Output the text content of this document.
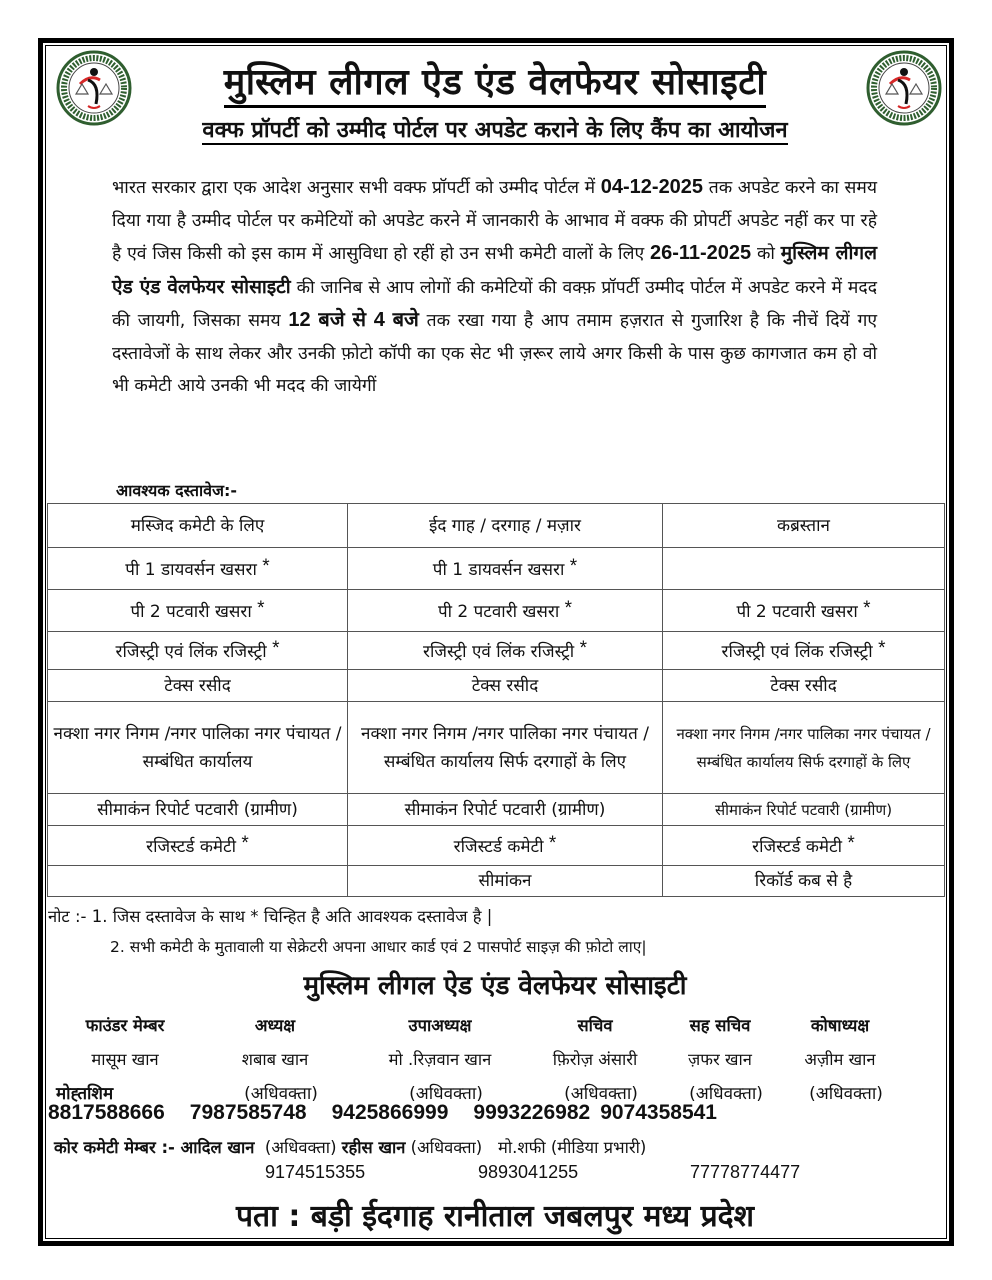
मुस्लिम लीगल ऐड एंड वेलफेयर सोसाइटी
वक्फ प्रॉपर्टी को उम्मीद पोर्टल पर अपडेट कराने के लिए कैंप का आयोजन
भारत सरकार द्वारा एक आदेश अनुसार सभी वक्फ प्रॉपर्टी को उम्मीद पोर्टल में 04-12-2025 तक अपडेट करने का समय दिया गया है उम्मीद पोर्टल पर कमेटियों को अपडेट करने में जानकारी के आभाव में वक्फ की प्रोपर्टी अपडेट नहीं कर पा रहे है एवं जिस किसी को इस काम में आसुविधा हो रहीं हो उन सभी कमेटी वालों के लिए 26-11-2025 को मुस्लिम लीगल ऐड एंड वेलफेयर सोसाइटी की जानिब से आप लोगों की कमेटियों की वक्फ़ प्रॉपर्टी उम्मीद पोर्टल में अपडेट करने में मदद की जायगी, जिसका समय 12 बजे से 4 बजे तक रखा गया है आप तमाम हज़रात से गुजारिश है कि नीचें दियें गए दस्तावेजों के साथ लेकर और उनकी फ़ोटो कॉपी का एक सेट भी ज़रूर लाये अगर किसी के पास कुछ कागजात कम हो वो भी कमेटी आये उनकी भी मदद की जायेगीं
आवश्यक दस्तावेज:-
मस्जिद कमेटी के लिए	ईद गाह / दरगाह / मज़ार	कब्रस्तान
पी 1 डायवर्सन खसरा *	पी 1 डायवर्सन खसरा *	
पी 2 पटवारी खसरा *	पी 2 पटवारी खसरा *	पी 2 पटवारी खसरा *
रजिस्ट्री एवं लिंक रजिस्ट्री *	रजिस्ट्री एवं लिंक रजिस्ट्री *	रजिस्ट्री एवं लिंक रजिस्ट्री *
टेक्स रसीद	टेक्स रसीद	टेक्स रसीद
नक्शा नगर निगम /नगर पालिका नगर पंचायत / सम्बंधित कार्यालय	नक्शा नगर निगम /नगर पालिका नगर पंचायत / सम्बंधित कार्यालय सिर्फ दरगाहों के लिए	नक्शा नगर निगम /नगर पालिका नगर पंचायत / सम्बंधित कार्यालय सिर्फ दरगाहों के लिए
सीमाकंन रिपोर्ट पटवारी (ग्रामीण)	सीमाकंन रिपोर्ट पटवारी (ग्रामीण)	सीमाकंन रिपोर्ट पटवारी (ग्रामीण)
रजिस्टर्ड कमेटी *	रजिस्टर्ड कमेटी *	रजिस्टर्ड कमेटी *
	सीमांकन	रिकॉर्ड कब से है
नोट :- 1. जिस दस्तावेज के साथ * चिन्हित है अति आवश्यक दस्तावेज है |
2. सभी कमेटी के मुतावाली या सेक्रेटरी अपना आधार कार्ड एवं 2 पासपोर्ट साइज़ की फ़ोटो लाए|
मुस्लिम लीगल ऐड एंड वेलफेयर सोसाइटी
फाउंडर मेम्बर	अध्यक्ष	उपाअध्यक्ष	सचिव	सह सचिव	कोषाध्यक्ष
मासूम खान	शबाब खान	मो .रिज़वान खान	फ़िरोज़ अंसारी	ज़फर खान	अज़ीम खान
मोह्तशिम	(अधिवक्ता)	(अधिवक्ता)	(अधिवक्ता)	(अधिवक्ता)	(अधिवक्ता)
8817588666 7987585748 9425866999 9993226982 9074358541
कोर कमेटी मेम्बर :- आदिल खान (अधिवक्ता) रहीस खान (अधिवक्ता) मो.शफी (मीडिया प्रभारी)
9174515355	9893041255	77778774477
पता : बड़ी ईदगाह रानीताल जबलपुर मध्य प्रदेश
